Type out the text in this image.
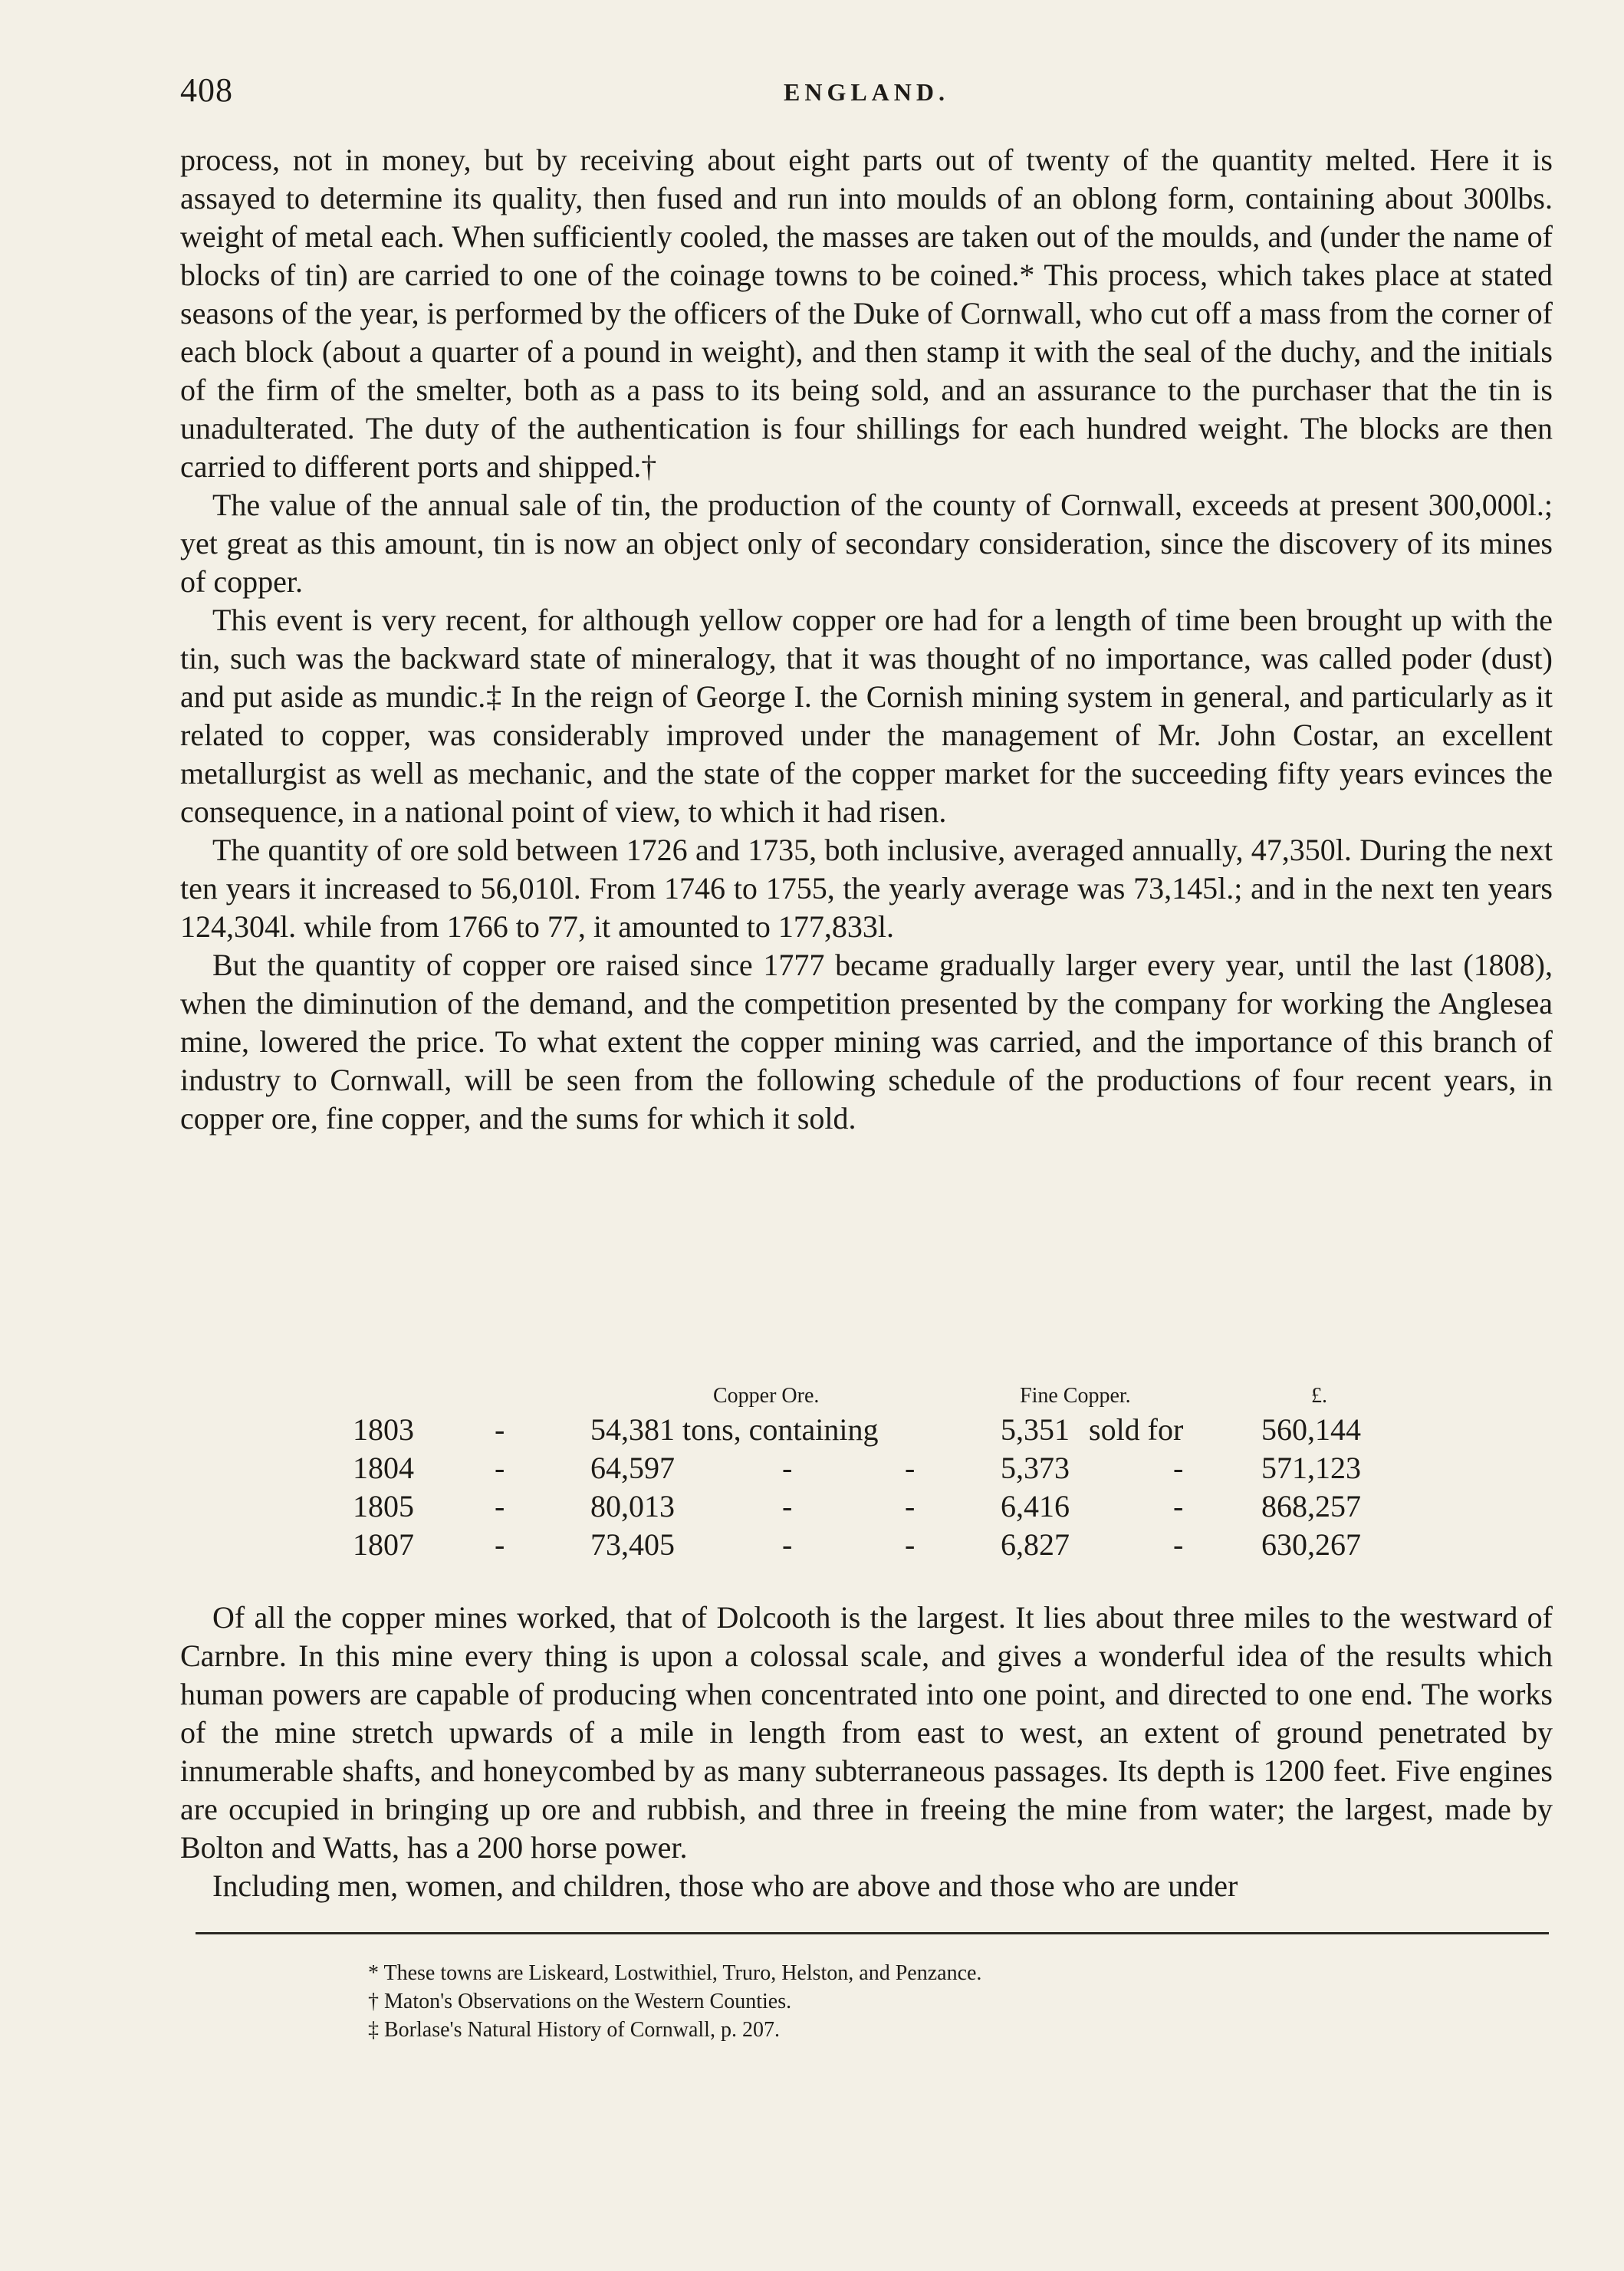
408	ENGLAND.

process, not in money, but by receiving about eight parts out of twenty of the quantity melted. Here it is assayed to determine its quality, then fused and run into moulds of an oblong form, containing about 300lbs. weight of metal each. When sufficiently cooled, the masses are taken out of the moulds, and (under the name of blocks of tin) are carried to one of the coinage towns to be coined.* This process, which takes place at stated seasons of the year, is performed by the officers of the Duke of Cornwall, who cut off a mass from the corner of each block (about a quarter of a pound in weight), and then stamp it with the seal of the duchy, and the initials of the firm of the smelter, both as a pass to its being sold, and an assurance to the purchaser that the tin is unadulterated. The duty of the authentication is four shillings for each hundred weight. The blocks are then carried to different ports and shipped.†

The value of the annual sale of tin, the production of the county of Cornwall, exceeds at present 300,000l.; yet great as this amount, tin is now an object only of secondary consideration, since the discovery of its mines of copper.

This event is very recent, for although yellow copper ore had for a length of time been brought up with the tin, such was the backward state of mineralogy, that it was thought of no importance, was called poder (dust) and put aside as mundic.‡ In the reign of George I. the Cornish mining system in general, and particularly as it related to copper, was considerably improved under the management of Mr. John Costar, an excellent metallurgist as well as mechanic, and the state of the copper market for the succeeding fifty years evinces the consequence, in a national point of view, to which it had risen.

The quantity of ore sold between 1726 and 1735, both inclusive, averaged annually, 47,350l. During the next ten years it increased to 56,010l. From 1746 to 1755, the yearly average was 73,145l.; and in the next ten years 124,304l. while from 1766 to 77, it amounted to 177,833l.

But the quantity of copper ore raised since 1777 became gradually larger every year, until the last (1808), when the diminution of the demand, and the competition presented by the company for working the Anglesea mine, lowered the price. To what extent the copper mining was carried, and the importance of this branch of industry to Cornwall, will be seen from the following schedule of the productions of four recent years, in copper ore, fine copper, and the sums for which it sold.

Copper Ore.	Fine Copper.	£.
1803	-	54,381 tons, containing	5,351 sold for	560,144
1804	-	64,597	-	-	5,373	-	571,123
1805	-	80,013	-	-	6,416	-	868,257
1807	-	73,405	-	-	6,827	-	630,267

Of all the copper mines worked, that of Dolcooth is the largest. It lies about three miles to the westward of Carnbre. In this mine every thing is upon a colossal scale, and gives a wonderful idea of the results which human powers are capable of producing when concentrated into one point, and directed to one end. The works of the mine stretch upwards of a mile in length from east to west, an extent of ground penetrated by innumerable shafts, and honeycombed by as many subterraneous passages. Its depth is 1200 feet. Five engines are occupied in bringing up ore and rubbish, and three in freeing the mine from water; the largest, made by Bolton and Watts, has a 200 horse power.

Including men, women, and children, those who are above and those who are under

* These towns are Liskeard, Lostwithiel, Truro, Helston, and Penzance.
† Maton's Observations on the Western Counties.
‡ Borlase's Natural History of Cornwall, p. 207.
